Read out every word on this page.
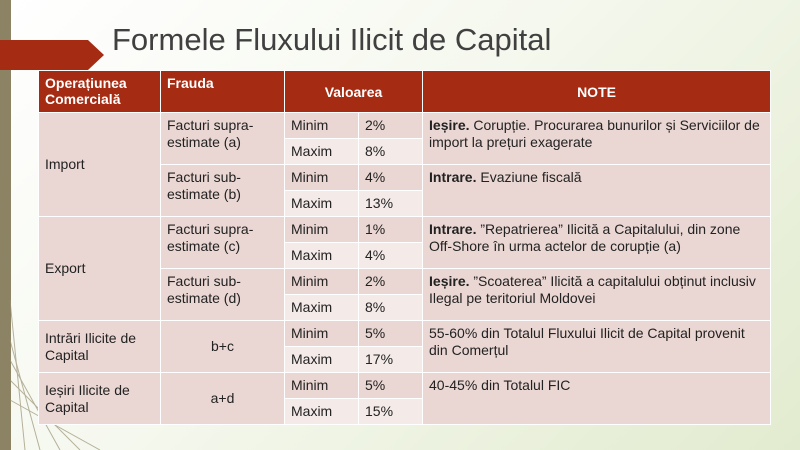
Formele Fluxului Ilicit de Capital
Operațiunea Comercială	Frauda	Valoarea		NOTE
Import	Facturi supra-estimate (a)	Minim	2%	Ieșire. Corupție. Procurarea bunurilor și Serviciilor de import la prețuri exagerate
		Maxim	8%	
	Facturi sub-estimate (b)	Minim	4%	Intrare. Evaziune fiscală
		Maxim	13%	
Export	Facturi supra-estimate (c)	Minim	1%	Intrare. ”Repatrierea” Ilicită a Capitalului, din zone Off-Shore în urma actelor de corupție (a)
		Maxim	4%	
	Facturi sub-estimate (d)	Minim	2%	Ieșire. ”Scoaterea” Ilicită a capitalului obținut inclusiv Ilegal pe teritoriul Moldovei
		Maxim	8%	
Intrări Ilicite de Capital	b+c	Minim	5%	55-60% din Totalul Fluxului Ilicit de Capital provenit din Comerțul
		Maxim	17%	
Ieșiri Ilicite de Capital	a+d	Minim	5%	40-45% din Totalul FIC
		Maxim	15%	
